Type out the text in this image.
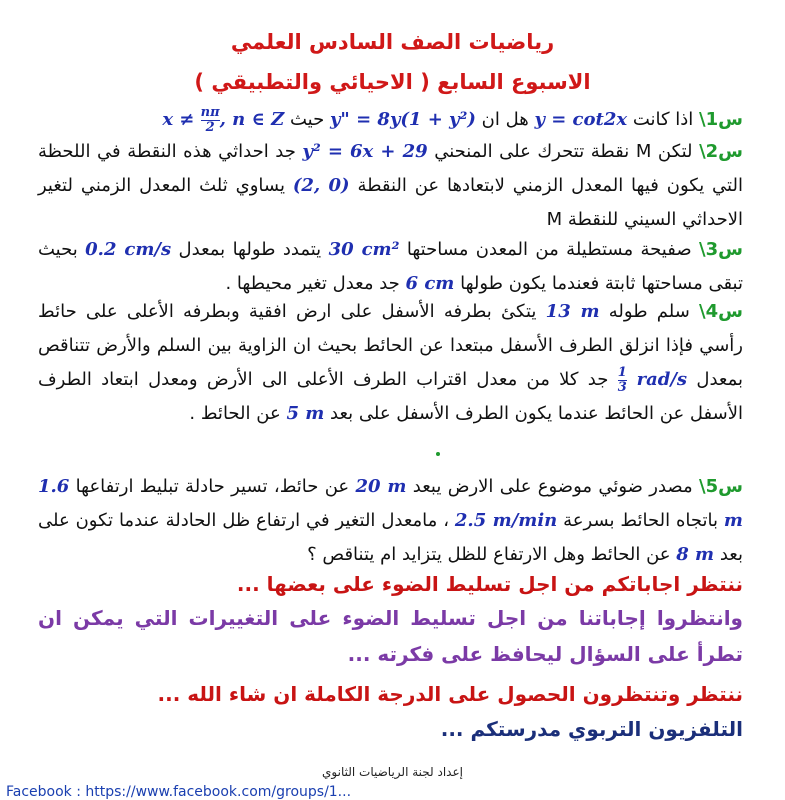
رياضيات الصف السادس العلمي
( الاحيائي والتطبيقي ) الاسبوع السابع
س1\ اذا كانت y = cot2x هل ان y" = 8y(1 + y²) حيث $x \ne \frac{n\pi}{2}$ , n ∈ Z
س2\ لتكن M نقطة تتحرك على المنحني y² = 6x + 29 جد احداثي هذه النقطة في اللحظة التي يكون فيها المعدل الزمني لابتعادها عن النقطة (2, 0) يساوي ثلث المعدل الزمني لتغير الاحداثي السيني للنقطة M
س3\ صفيحة مستطيلة من المعدن مساحتها 30 cm² يتمدد طولها بمعدل 0.2 cm/s بحيث تبقى مساحتها ثابتة فعندما يكون طولها 6 cm جد معدل تغير محيطها .
س4\ سلم طوله 13 m يتكئ بطرفه الأسفل على ارض افقية وبطرفه الأعلى على حائط رأسي فإذا انزلق الطرف الأسفل مبتعدا عن الحائط بحيث ان الزاوية بين السلم والأرض تتناقص بمعدل
$\frac{1}{3} rad/s$ جد كلا من معدل اقتراب الطرف الأعلى الى الأرض ومعدل ابتعاد الطرف الأسفل عن الحائط عندما يكون الطرف الأسفل على بعد 5 m عن الحائط .
س5\ مصدر ضوئي موضوع على الارض يبعد 20 m عن حائط، تسير حادلة تبليط ارتفاعها 1.6 m باتجاه الحائط بسرعة 2.5 m/min ، مامعدل التغير في ارتفاع ظل الحادلة عندما تكون على بعد 8 m عن الحائط وهل الارتفاع للظل يتزايد ام يتناقص ؟
ننتظر اجاباتكم من اجل تسليط الضوء على بعضها ...
وانتظروا إجاباتنا من اجل تسليط الضوء على التغييرات التي يمكن ان تطرأ على السؤال ليحافظ على فكرته ...
ننتظر وتنتظرون الحصول على الدرجة الكاملة ان شاء الله ...
التلفزيون التربوي مدرستكم ...
إعداد لجنة الرياضيات الثانوي
Facebook : https://www.facebook.com/groups/1...
